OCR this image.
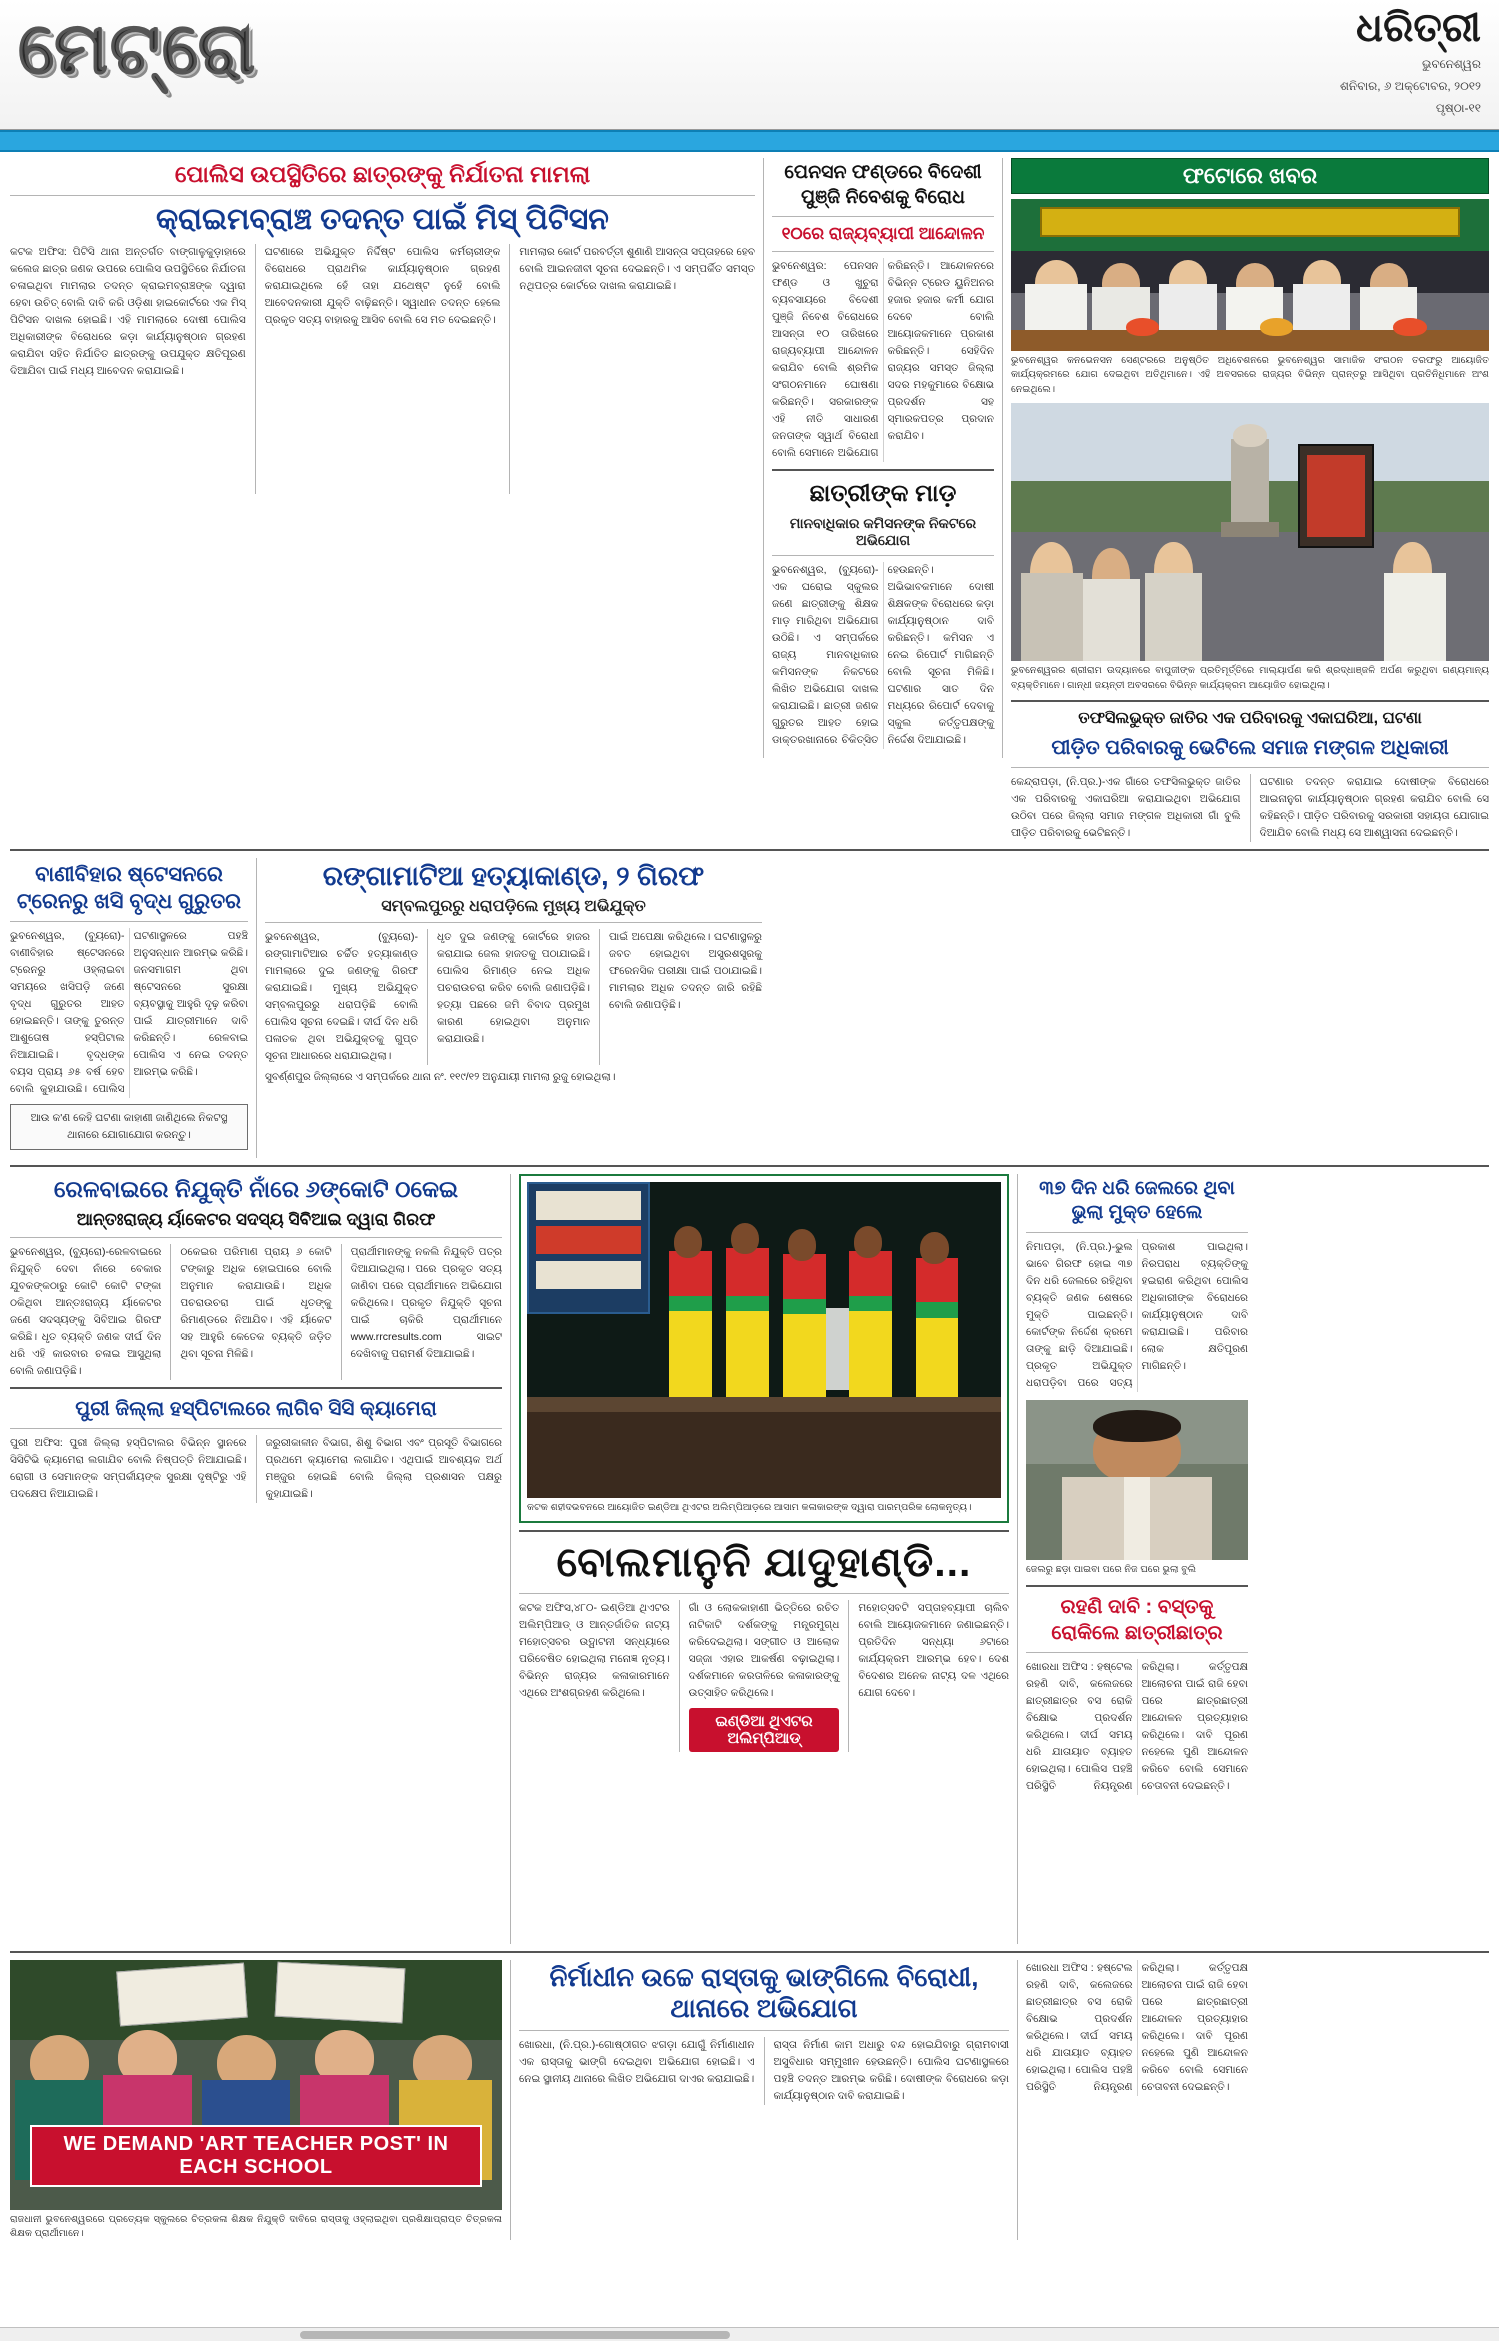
ମେଟ୍ରୋ	ଧରିତ୍ରୀ
ଭୁବନେଶ୍ୱର
ଶନିବାର, ୬ ଅକ୍ଟୋବର, ୨୦୧୨
ପୃଷ୍ଠା-୧୧
ପୋଲିସ ଉପସ୍ଥିତିରେ ଛାତ୍ରଙ୍କୁ ନିର୍ଯାତନା ମାମଲା
କ୍ରାଇମବ୍ରାଞ୍ଚ ତଦନ୍ତ ପାଇଁ ମିସ୍ ପିଟିସନ
କଟକ ଅଫିସ: ପିଟିସି ଥାନା ଅନ୍ତର୍ଗତ ବାଙ୍ଗାଳୁକୁଡ଼ାହାରେ କଲେଜ ଛାତ୍ର ଜଣକ ଉପରେ ପୋଲିସ ଉପସ୍ଥିତିରେ ନିର୍ଯାତନା ଚଳାଇଥିବା ମାମଲାର ତଦନ୍ତ କ୍ରାଇମବ୍ରାଞ୍ଚଙ୍କ ଦ୍ୱାରା ହେବା ଉଚିତ୍ ବୋଲି ଦାବି କରି ଓଡ଼ିଶା ହାଇକୋର୍ଟରେ ଏକ ମିସ୍ ପିଟିସନ ଦାଖଲ ହୋଇଛି। ଏହି ମାମଲାରେ ଦୋଷୀ ପୋଲିସ ଅଧିକାରୀଙ୍କ ବିରୋଧରେ କଡ଼ା କାର୍ଯ୍ୟାନୁଷ୍ଠାନ ଗ୍ରହଣ କରାଯିବା ସହିତ ନିର୍ଯାତିତ ଛାତ୍ରଙ୍କୁ ଉପଯୁକ୍ତ କ୍ଷତିପୂରଣ ଦିଆଯିବା ପାଇଁ ମଧ୍ୟ ଆବେଦନ କରାଯାଇଛି।
ଘଟଣାରେ ଅଭିଯୁକ୍ତ ନିର୍ଦ୍ଦିଷ୍ଟ ପୋଲିସ କର୍ମଚାରୀଙ୍କ ବିରୋଧରେ ପ୍ରାଥମିକ କାର୍ଯ୍ୟାନୁଷ୍ଠାନ ଗ୍ରହଣ କରାଯାଇଥିଲେ ହେଁ ତାହା ଯଥେଷ୍ଟ ନୁହେଁ ବୋଲି ଆବେଦନକାରୀ ଯୁକ୍ତି ବାଢ଼ିଛନ୍ତି। ସ୍ୱାଧୀନ ତଦନ୍ତ ହେଲେ ପ୍ରକୃତ ସତ୍ୟ ବାହାରକୁ ଆସିବ ବୋଲି ସେ ମତ ଦେଇଛନ୍ତି।
ମାମଲାର କୋର୍ଟ ପରବର୍ତ୍ତୀ ଶୁଣାଣି ଆସନ୍ତା ସପ୍ତାହରେ ହେବ ବୋଲି ଆଇନଜୀବୀ ସୂଚନା ଦେଇଛନ୍ତି। ଏ ସମ୍ପର୍କିତ ସମସ୍ତ ନଥିପତ୍ର କୋର୍ଟରେ ଦାଖଲ କରାଯାଇଛି।
ପେନସନ ଫଣ୍ଡରେ ବିଦେଶୀ ପୁଞ୍ଜି ନିବେଶକୁ ବିରୋଧ
୧୦ରେ ରାଜ୍ୟବ୍ୟାପୀ ଆନ୍ଦୋଳନ
ଭୁବନେଶ୍ୱର: ପେନସନ ଫଣ୍ଡ ଓ ଖୁଚୁରା ବ୍ୟବସାୟରେ ବିଦେଶୀ ପୁଞ୍ଜି ନିବେଶ ବିରୋଧରେ ଆସନ୍ତା ୧୦ ତାରିଖରେ ରାଜ୍ୟବ୍ୟାପୀ ଆନ୍ଦୋଳନ କରାଯିବ ବୋଲି ଶ୍ରମିକ ସଂଗଠନମାନେ ଘୋଷଣା କରିଛନ୍ତି। ସରକାରଙ୍କ ଏହି ନୀତି ସାଧାରଣ ଜନତାଙ୍କ ସ୍ୱାର୍ଥ ବିରୋଧୀ ବୋଲି ସେମାନେ ଅଭିଯୋଗ କରିଛନ୍ତି। ଆନ୍ଦୋଳନରେ ବିଭିନ୍ନ ଟ୍ରେଡ ୟୁନିଅନର ହଜାର ହଜାର କର୍ମୀ ଯୋଗ ଦେବେ ବୋଲି ଆୟୋଜକମାନେ ପ୍ରକାଶ କରିଛନ୍ତି। ସେହିଦିନ ରାଜ୍ୟର ସମସ୍ତ ଜିଲ୍ଲା ସଦର ମହକୁମାରେ ବିକ୍ଷୋଭ ପ୍ରଦର୍ଶନ ସହ ସ୍ମାରକପତ୍ର ପ୍ରଦାନ କରାଯିବ।
ଛାତ୍ରୀଙ୍କ ମାଡ଼
ମାନବାଧିକାର କମିସନଙ୍କ ନିକଟରେ ଅଭିଯୋଗ
ଭୁବନେଶ୍ୱର, (ବ୍ୟୁରୋ)-ଏକ ଘରୋଇ ସ୍କୁଲର ଜଣେ ଛାତ୍ରୀଙ୍କୁ ଶିକ୍ଷକ ମାଡ଼ ମାରିଥିବା ଅଭିଯୋଗ ଉଠିଛି। ଏ ସମ୍ପର୍କରେ ରାଜ୍ୟ ମାନବାଧିକାର କମିସନଙ୍କ ନିକଟରେ ଲିଖିତ ଅଭିଯୋଗ ଦାଖଲ କରାଯାଇଛି। ଛାତ୍ରୀ ଜଣକ ଗୁରୁତର ଆହତ ହୋଇ ଡାକ୍ତରଖାନାରେ ଚିକିତ୍ସିତ ହେଉଛନ୍ତି। ଅଭିଭାବକମାନେ ଦୋଷୀ ଶିକ୍ଷକଙ୍କ ବିରୋଧରେ କଡ଼ା କାର୍ଯ୍ୟାନୁଷ୍ଠାନ ଦାବି କରିଛନ୍ତି। କମିସନ ଏ ନେଇ ରିପୋର୍ଟ ମାଗିଛନ୍ତି ବୋଲି ସୂଚନା ମିଳିଛି। ଘଟଣାର ସାତ ଦିନ ମଧ୍ୟରେ ରିପୋର୍ଟ ଦେବାକୁ ସ୍କୁଲ କର୍ତ୍ତୃପକ୍ଷଙ୍କୁ ନିର୍ଦ୍ଦେଶ ଦିଆଯାଇଛି।
ଫଟୋରେ ଖବର
ଭୁବନେଶ୍ୱର କନଭେନସନ ସେଣ୍ଟରରେ ଅନୁଷ୍ଠିତ ଅଧିବେଶନରେ ଭୁବନେଶ୍ୱର ସାମାଜିକ ସଂଗଠନ ତରଫରୁ ଆୟୋଜିତ କାର୍ଯ୍ୟକ୍ରମରେ ଯୋଗ ଦେଇଥିବା ଅତିଥିମାନେ। ଏହି ଅବସରରେ ରାଜ୍ୟର ବିଭିନ୍ନ ପ୍ରାନ୍ତରୁ ଆସିଥିବା ପ୍ରତିନିଧିମାନେ ଅଂଶ ନେଇଥିଲେ।
ଭୁବନେଶ୍ୱରର ଶ୍ରୀରାମ ଉଦ୍ୟାନରେ ବାପୁଜୀଙ୍କ ପ୍ରତିମୂର୍ତ୍ତିରେ ମାଲ୍ୟାର୍ପଣ କରି ଶ୍ରଦ୍ଧାଞ୍ଜଳି ଅର୍ପଣ କରୁଥିବା ଗଣ୍ୟମାନ୍ୟ ବ୍ୟକ୍ତିମାନେ। ଗାନ୍ଧୀ ଜୟନ୍ତୀ ଅବସରରେ ବିଭିନ୍ନ କାର୍ଯ୍ୟକ୍ରମ ଆୟୋଜିତ ହୋଇଥିଲା।
ତଫସିଲଭୁକ୍ତ ଜାତିର ଏକ ପରିବାରକୁ ଏକାଘରିଆ, ଘଟଣା
ପୀଡ଼ିତ ପରିବାରକୁ ଭେଟିଲେ ସମାଜ ମଙ୍ଗଳ ଅଧିକାରୀ
କେନ୍ଦ୍ରାପଡ଼ା, (ନି.ପ୍ର.)-ଏକ ଗାଁରେ ତଫସିଲଭୁକ୍ତ ଜାତିର ଏକ ପରିବାରକୁ ଏକାଘରିଆ କରାଯାଇଥିବା ଅଭିଯୋଗ ଉଠିବା ପରେ ଜିଲ୍ଲା ସମାଜ ମଙ୍ଗଳ ଅଧିକାରୀ ଗାଁ ବୁଲି ପୀଡ଼ିତ ପରିବାରକୁ ଭେଟିଛନ୍ତି।
ଘଟଣାର ତଦନ୍ତ କରାଯାଇ ଦୋଷୀଙ୍କ ବିରୋଧରେ ଆଇନାନୁଗ କାର୍ଯ୍ୟାନୁଷ୍ଠାନ ଗ୍ରହଣ କରାଯିବ ବୋଲି ସେ କହିଛନ୍ତି। ପୀଡ଼ିତ ପରିବାରକୁ ସରକାରୀ ସହାୟତା ଯୋଗାଇ ଦିଆଯିବ ବୋଲି ମଧ୍ୟ ସେ ଆଶ୍ୱାସନା ଦେଇଛନ୍ତି।
ବାଣୀବିହାର ଷ୍ଟେସନରେ ଟ୍ରେନରୁ ଖସି ବୃଦ୍ଧ ଗୁରୁତର
ଭୁବନେଶ୍ୱର, (ବ୍ୟୁରୋ)-ବାଣୀବିହାର ଷ୍ଟେସନରେ ଟ୍ରେନରୁ ଓହ୍ଲାଇବା ସମୟରେ ଖସିପଡ଼ି ଜଣେ ବୃଦ୍ଧ ଗୁରୁତର ଆହତ ହୋଇଛନ୍ତି। ତାଙ୍କୁ ତୁରନ୍ତ ଆଶୁତୋଷ ହସ୍ପିଟାଲ ନିଆଯାଇଛି। ବୃଦ୍ଧଙ୍କ ବୟସ ପ୍ରାୟ ୬୫ ବର୍ଷ ହେବ ବୋଲି କୁହାଯାଉଛି। ପୋଲିସ ଘଟଣାସ୍ଥଳରେ ପହଞ୍ଚି ଅନୁସନ୍ଧାନ ଆରମ୍ଭ କରିଛି। ଜନସମାଗମ ଥିବା ଷ୍ଟେସନରେ ସୁରକ୍ଷା ବ୍ୟବସ୍ଥାକୁ ଆହୁରି ଦୃଢ଼ କରିବା ପାଇଁ ଯାତ୍ରୀମାନେ ଦାବି କରିଛନ୍ତି। ରେଳବାଇ ପୋଲିସ ଏ ନେଇ ତଦନ୍ତ ଆରମ୍ଭ କରିଛି।
ଆଉ କ'ଣ କେହି ଘଟଣା କାହାଣୀ ଜାଣିଥିଲେ ନିକଟସ୍ଥ ଥାନାରେ ଯୋଗାଯୋଗ କରନ୍ତୁ।
ରଙ୍ଗାମାଟିଆ ହତ୍ୟାକାଣ୍ଡ, ୨ ଗିରଫ
ସମ୍ବଲପୁରରୁ ଧରାପଡ଼ିଲେ ମୁଖ୍ୟ ଅଭିଯୁକ୍ତ
ଭୁବନେଶ୍ୱର, (ବ୍ୟୁରୋ)-ରଙ୍ଗାମାଟିଆର ଚର୍ଚ୍ଚିତ ହତ୍ୟାକାଣ୍ଡ ମାମଲାରେ ଦୁଇ ଜଣଙ୍କୁ ଗିରଫ କରାଯାଇଛି। ମୁଖ୍ୟ ଅଭିଯୁକ୍ତ ସମ୍ବଲପୁରରୁ ଧରାପଡ଼ିଛି ବୋଲି ପୋଲିସ ସୂଚନା ଦେଇଛି। ଦୀର୍ଘ ଦିନ ଧରି ପଳାତକ ଥିବା ଅଭିଯୁକ୍ତକୁ ଗୁପ୍ତ ସୂଚନା ଆଧାରରେ ଧରାଯାଇଥିଲା।
ଧୃତ ଦୁଇ ଜଣଙ୍କୁ କୋର୍ଟରେ ହାଜର କରାଯାଇ ଜେଲ ହାଜତକୁ ପଠାଯାଇଛି। ପୋଲିସ ରିମାଣ୍ଡ ନେଇ ଅଧିକ ପଚରାଉଚରା କରିବ ବୋଲି ଜଣାପଡ଼ିଛି। ହତ୍ୟା ପଛରେ ଜମି ବିବାଦ ପ୍ରମୁଖ କାରଣ ହୋଇଥିବା ଅନୁମାନ କରାଯାଉଛି।
ପାଇଁ ଅପେକ୍ଷା କରିଥିଲେ। ଘଟଣାସ୍ଥଳରୁ ଜବତ ହୋଇଥିବା ଅସ୍ତ୍ରଶସ୍ତ୍ରକୁ ଫରେନସିକ ପରୀକ୍ଷା ପାଇଁ ପଠାଯାଇଛି। ମାମଲାର ଅଧିକ ତଦନ୍ତ ଜାରି ରହିଛି ବୋଲି ଜଣାପଡ଼ିଛି।
ସୁବର୍ଣ୍ଣପୁର ଜିଲ୍ଲାରେ ଏ ସମ୍ପର୍କରେ ଥାନା ନଂ. ୧୧୯/୧୨ ଅନୁଯାୟୀ ମାମଲା ରୁଜୁ ହୋଇଥିଲା।
ରେଳବାଇରେ ନିଯୁକ୍ତି ନାଁରେ ୬ଙ୍କୋଟି ଠକେଇ
ଆନ୍ତଃରାଜ୍ୟ ର୍ୟାକେଟର ସଦସ୍ୟ ସିବିଆଇ ଦ୍ୱାରା ଗିରଫ
ଭୁବନେଶ୍ୱର, (ବ୍ୟୁରୋ)-ରେଳବାଇରେ ନିଯୁକ୍ତି ଦେବା ନାଁରେ ବେକାର ଯୁବକଙ୍କଠାରୁ କୋଟି କୋଟି ଟଙ୍କା ଠକିଥିବା ଆନ୍ତଃରାଜ୍ୟ ର୍ୟାକେଟର ଜଣେ ସଦସ୍ୟଙ୍କୁ ସିବିଆଇ ଗିରଫ କରିଛି। ଧୃତ ବ୍ୟକ୍ତି ଜଣକ ଦୀର୍ଘ ଦିନ ଧରି ଏହି କାରବାର ଚଳାଇ ଆସୁଥିଲା ବୋଲି ଜଣାପଡ଼ିଛି।
ଠକେଇର ପରିମାଣ ପ୍ରାୟ ୬ କୋଟି ଟଙ୍କାରୁ ଅଧିକ ହୋଇପାରେ ବୋଲି ଅନୁମାନ କରାଯାଉଛି। ଅଧିକ ପଚରାଉଚରା ପାଇଁ ଧୃତଙ୍କୁ ରିମାଣ୍ଡରେ ନିଆଯିବ। ଏହି ର୍ୟାକେଟ ସହ ଆହୁରି କେତେକ ବ୍ୟକ୍ତି ଜଡ଼ିତ ଥିବା ସୂଚନା ମିଳିଛି।
ପ୍ରାର୍ଥୀମାନଙ୍କୁ ନକଲି ନିଯୁକ୍ତି ପତ୍ର ଦିଆଯାଇଥିଲା। ପରେ ପ୍ରକୃତ ସତ୍ୟ ଜାଣିବା ପରେ ପ୍ରାର୍ଥୀମାନେ ଅଭିଯୋଗ କରିଥିଲେ। ପ୍ରକୃତ ନିଯୁକ୍ତି ସୂଚନା ପାଇଁ ଚାକିରି ପ୍ରାର୍ଥୀମାନେ www.rrcresults.com ସାଇଟ ଦେଖିବାକୁ ପରାମର୍ଶ ଦିଆଯାଇଛି।
ପୁରୀ ଜିଲ୍ଲା ହସ୍ପିଟାଲରେ ଲାଗିବ ସିସି କ୍ୟାମେରା
ପୁରୀ ଅଫିସ: ପୁରୀ ଜିଲ୍ଲା ହସ୍ପିଟାଲର ବିଭିନ୍ନ ସ୍ଥାନରେ ସିସିଟିଭି କ୍ୟାମେରା ଲଗାଯିବ ବୋଲି ନିଷ୍ପତ୍ତି ନିଆଯାଇଛି। ରୋଗୀ ଓ ସେମାନଙ୍କ ସମ୍ପର୍କୀୟଙ୍କ ସୁରକ୍ଷା ଦୃଷ୍ଟିରୁ ଏହି ପଦକ୍ଷେପ ନିଆଯାଇଛି।
ଜରୁରୀକାଳୀନ ବିଭାଗ, ଶିଶୁ ବିଭାଗ ଏବଂ ପ୍ରସୂତି ବିଭାଗରେ ପ୍ରଥମେ କ୍ୟାମେରା ଲଗାଯିବ। ଏଥିପାଇଁ ଆବଶ୍ୟକ ଅର୍ଥ ମଞ୍ଜୁର ହୋଇଛି ବୋଲି ଜିଲ୍ଲା ପ୍ରଶାସନ ପକ୍ଷରୁ କୁହାଯାଇଛି।
କଟକ ଶହୀଦଭବନରେ ଆୟୋଜିତ ଇଣ୍ଡିଆ ଥିଏଟର ଅଲିମ୍ପିଆଡ଼ରେ ଆସାମ କଳାକାରଙ୍କ ଦ୍ୱାରା ପାରମ୍ପରିକ ଲୋକନୃତ୍ୟ।
ବୋଲମାନୁନି ଯାଦୁହାଣ୍ଡି...
କଟକ ଅଫିସ,୪୮୦- ଇଣ୍ଡିଆ ଥିଏଟର ଅଲିମ୍ପିଆଡ୍ ଓ ଆନ୍ତର୍ଜାତିକ ନାଟ୍ୟ ମହୋତ୍ସବର ଉଦ୍ଘାଟନୀ ସନ୍ଧ୍ୟାରେ ପରିବେଷିତ ହୋଇଥିଲା ମନୋଜ୍ଞ ନୃତ୍ୟ। ବିଭିନ୍ନ ରାଜ୍ୟର କଳାକାରମାନେ ଏଥିରେ ଅଂଶଗ୍ରହଣ କରିଥିଲେ।
ଗାଁ ଓ ଲୋକକାହାଣୀ ଭିତ୍ତିରେ ରଚିତ ନାଟିକାଟି ଦର୍ଶକଙ୍କୁ ମନ୍ତ୍ରମୁଗ୍ଧ କରିଦେଇଥିଲା। ସଙ୍ଗୀତ ଓ ଆଲୋକ ସଜ୍ଜା ଏହାର ଆକର୍ଷଣ ବଢ଼ାଇଥିଲା। ଦର୍ଶକମାନେ କରତାଳିରେ କଳାକାରଙ୍କୁ ଉତ୍ସାହିତ କରିଥିଲେ।
ଇଣ୍ଡିଆ ଥିଏଟର ଅଲିମ୍ପିଆଡ୍
ମହୋତ୍ସବଟି ସପ୍ତାହବ୍ୟାପୀ ଚାଲିବ ବୋଲି ଆୟୋଜକମାନେ ଜଣାଇଛନ୍ତି। ପ୍ରତିଦିନ ସନ୍ଧ୍ୟା ୬ଟାରେ କାର୍ଯ୍ୟକ୍ରମ ଆରମ୍ଭ ହେବ। ଦେଶ ବିଦେଶର ଅନେକ ନାଟ୍ୟ ଦଳ ଏଥିରେ ଯୋଗ ଦେବେ।
୩୭ ଦିନ ଧରି ଜେଲରେ ଥିବା ଭୁଲା ମୁକ୍ତ ହେଲେ
ନିମାପଡ଼ା, (ନି.ପ୍ର.)-ଭୁଲ ଭାବେ ଗିରଫ ହୋଇ ୩୭ ଦିନ ଧରି ଜେଲରେ ରହିଥିବା ବ୍ୟକ୍ତି ଜଣକ ଶେଷରେ ମୁକ୍ତି ପାଇଛନ୍ତି। କୋର୍ଟଙ୍କ ନିର୍ଦ୍ଦେଶ କ୍ରମେ ତାଙ୍କୁ ଛାଡ଼ି ଦିଆଯାଇଛି। ପ୍ରକୃତ ଅଭିଯୁକ୍ତ ଧରାପଡ଼ିବା ପରେ ସତ୍ୟ ପ୍ରକାଶ ପାଇଥିଲା। ନିରପରାଧ ବ୍ୟକ୍ତିଙ୍କୁ ହଇରାଣ କରିଥିବା ପୋଲିସ ଅଧିକାରୀଙ୍କ ବିରୋଧରେ କାର୍ଯ୍ୟାନୁଷ୍ଠାନ ଦାବି କରାଯାଇଛି। ପରିବାର ଲୋକ କ୍ଷତିପୂରଣ ମାଗିଛନ୍ତି।
ଜେଲରୁ ଛଡ଼ା ପାଇବା ପରେ ନିଜ ଘରେ ଭୁଲା ବୁଲି
ରହଣି ଦାବି : ବସ୍ତକୁ ରୋକିଲେ ଛାତ୍ରୀଛାତ୍ର
ଖୋରଧା ଅଫିସ : ହଷ୍ଟେଲ ରହଣି ଦାବି, କଲେଜରେ ଛାତ୍ରୀଛାତ୍ର ବସ ରୋକି ବିକ୍ଷୋଭ ପ୍ରଦର୍ଶନ କରିଥିଲେ। ଦୀର୍ଘ ସମୟ ଧରି ଯାତାୟାତ ବ୍ୟାହତ ହୋଇଥିଲା। ପୋଲିସ ପହଞ୍ଚି ପରିସ୍ଥିତି ନିୟନ୍ତ୍ରଣ କରିଥିଲା। କର୍ତ୍ତୃପକ୍ଷ ଆଲୋଚନା ପାଇଁ ରାଜି ହେବା ପରେ ଛାତ୍ରଛାତ୍ରୀ ଆନ୍ଦୋଳନ ପ୍ରତ୍ୟାହାର କରିଥିଲେ। ଦାବି ପୂରଣ ନହେଲେ ପୁଣି ଆନ୍ଦୋଳନ କରିବେ ବୋଲି ସେମାନେ ଚେତାବନୀ ଦେଇଛନ୍ତି।
WE DEMAND 'ART TEACHER POST' IN EACH SCHOOL
ରାଜଧାନୀ ଭୁବନେଶ୍ୱରରେ ପ୍ରତ୍ୟେକ ସ୍କୁଲରେ ଚିତ୍ରକଳା ଶିକ୍ଷକ ନିଯୁକ୍ତି ଦାବିରେ ରାସ୍ତାକୁ ଓହ୍ଲାଇଥିବା ପ୍ରଶିକ୍ଷାପ୍ରାପ୍ତ ଚିତ୍ରକଳା ଶିକ୍ଷକ ପ୍ରାର୍ଥୀମାନେ।
ନିର୍ମାଧୀନ ଉଚ୍ଚେ ରାସ୍ତାକୁ ଭାଙ୍ଗିଲେ ବିରୋଧୀ, ଥାନାରେ ଅଭିଯୋଗ
ଖୋରଧା, (ନି.ପ୍ର.)-ଗୋଷ୍ଠୀଗତ ଝଗଡ଼ା ଯୋଗୁଁ ନିର୍ମାଣାଧୀନ ଏକ ରାସ୍ତାକୁ ଭାଙ୍ଗି ଦେଇଥିବା ଅଭିଯୋଗ ହୋଇଛି। ଏ ନେଇ ସ୍ଥାନୀୟ ଥାନାରେ ଲିଖିତ ଅଭିଯୋଗ ଦାଏର କରାଯାଇଛି।
ରାସ୍ତା ନିର୍ମାଣ କାମ ଅଧାରୁ ବନ୍ଦ ହୋଇଯିବାରୁ ଗ୍ରାମବାସୀ ଅସୁବିଧାର ସମ୍ମୁଖୀନ ହେଉଛନ୍ତି। ପୋଲିସ ଘଟଣାସ୍ଥଳରେ ପହଞ୍ଚି ତଦନ୍ତ ଆରମ୍ଭ କରିଛି। ଦୋଷୀଙ୍କ ବିରୋଧରେ କଡ଼ା କାର୍ଯ୍ୟାନୁଷ୍ଠାନ ଦାବି କରାଯାଇଛି।
ଖୋରଧା ଅଫିସ : ହଷ୍ଟେଲ ରହଣି ଦାବି, କଲେଜରେ ଛାତ୍ରୀଛାତ୍ର ବସ ରୋକି ବିକ୍ଷୋଭ ପ୍ରଦର୍ଶନ କରିଥିଲେ। ଦୀର୍ଘ ସମୟ ଧରି ଯାତାୟାତ ବ୍ୟାହତ ହୋଇଥିଲା। ପୋଲିସ ପହଞ୍ଚି ପରିସ୍ଥିତି ନିୟନ୍ତ୍ରଣ କରିଥିଲା। କର୍ତ୍ତୃପକ୍ଷ ଆଲୋଚନା ପାଇଁ ରାଜି ହେବା ପରେ ଛାତ୍ରଛାତ୍ରୀ ଆନ୍ଦୋଳନ ପ୍ରତ୍ୟାହାର କରିଥିଲେ। ଦାବି ପୂରଣ ନହେଲେ ପୁଣି ଆନ୍ଦୋଳନ କରିବେ ବୋଲି ସେମାନେ ଚେତାବନୀ ଦେଇଛନ୍ତି।
